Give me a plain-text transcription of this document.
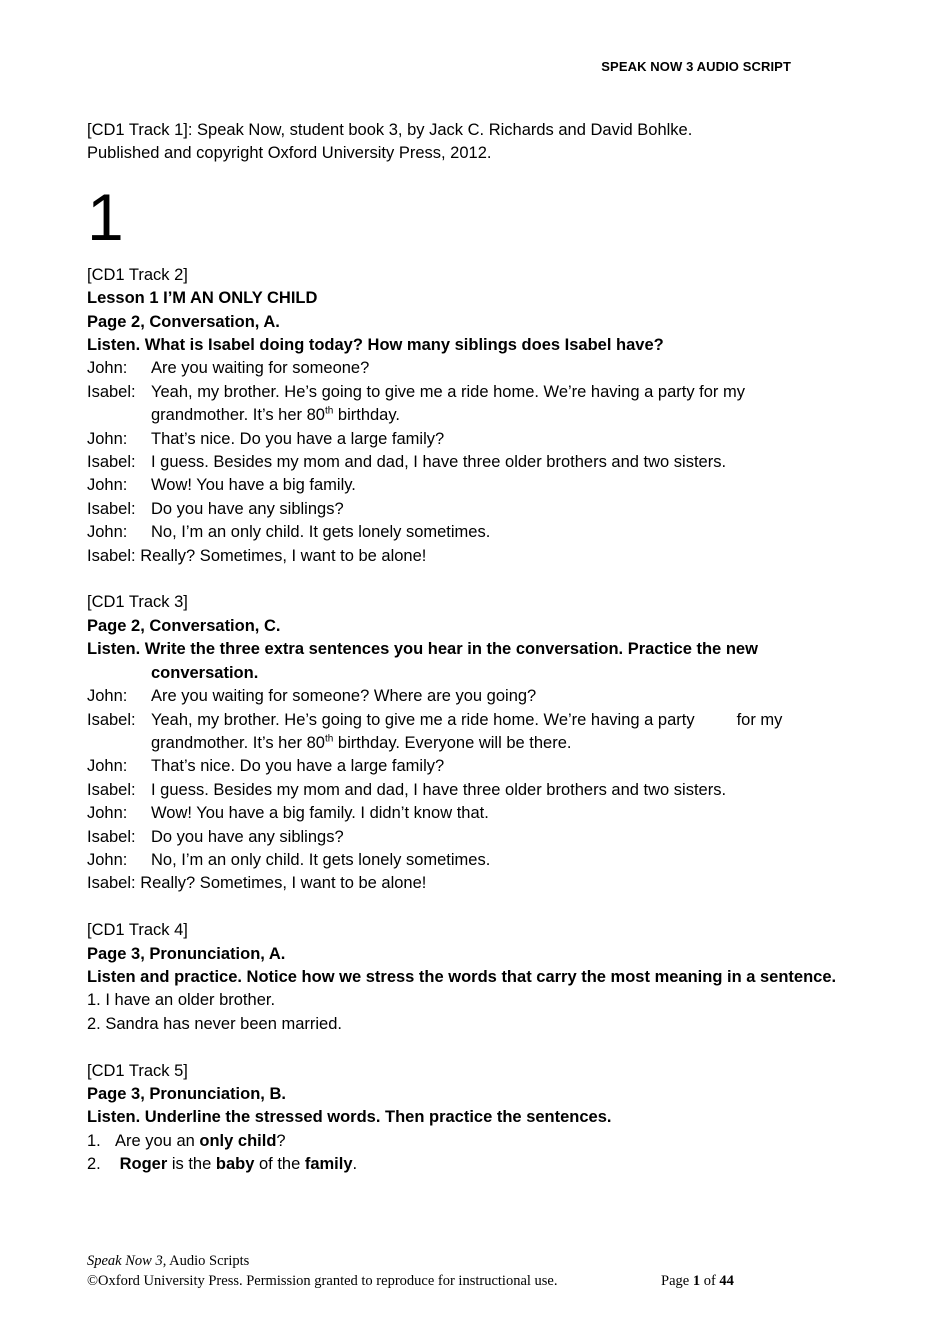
SPEAK NOW 3 AUDIO SCRIPT
[CD1 Track 1]: Speak Now, student book 3, by Jack C. Richards and David Bohlke.
Published and copyright Oxford University Press, 2012.
1
[CD1 Track 2]
Lesson 1 I’M AN ONLY CHILD
Page 2, Conversation, A.
Listen. What is Isabel doing today? How many siblings does Isabel have?
John:	Are you waiting for someone?
Isabel: Yeah, my brother. He’s going to give me a ride home. We’re having a party for my
grandmother. It’s her 80th birthday.
John:	That’s nice. Do you have a large family?
Isabel: I guess. Besides my mom and dad, I have three older brothers and two sisters.
John:	Wow! You have a big family.
Isabel: Do you have any siblings?
John:	No, I’m an only child. It gets lonely sometimes.
Isabel: Really? Sometimes, I want to be alone!
[CD1 Track 3]
Page 2, Conversation, C.
Listen. Write the three extra sentences you hear in the conversation. Practice the new
conversation.
John:	Are you waiting for someone? Where are you going?
Isabel: Yeah, my brother. He’s going to give me a ride home. We’re having a party	for my
grandmother. It’s her 80th birthday. Everyone will be there.
John:	That’s nice. Do you have a large family?
Isabel: I guess. Besides my mom and dad, I have three older brothers and two sisters.
John:	Wow! You have a big family. I didn’t know that.
Isabel: Do you have any siblings?
John:	No, I’m an only child. It gets lonely sometimes.
Isabel: Really? Sometimes, I want to be alone!
[CD1 Track 4]
Page 3, Pronunciation, A.
Listen and practice. Notice how we stress the words that carry the most meaning in a sentence.
1. I have an older brother.
2. Sandra has never been married.
[CD1 Track 5]
Page 3, Pronunciation, B.
Listen. Underline the stressed words. Then practice the sentences.
1. Are you an only child?
2.	Roger is the baby of the family.
Speak Now 3, Audio Scripts
©Oxford University Press. Permission granted to reproduce for instructional use.	Page 1 of 44
